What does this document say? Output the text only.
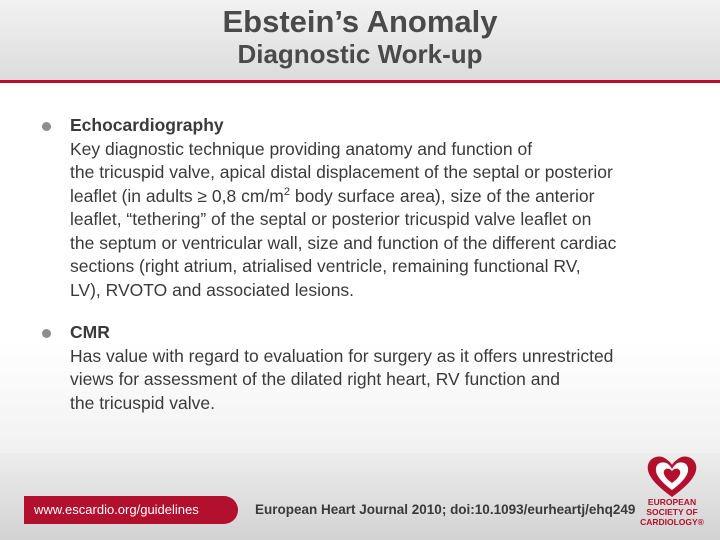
Ebstein’s Anomaly
Diagnostic Work-up
Echocardiography
Key diagnostic technique providing anatomy and function of
the tricuspid valve, apical distal displacement of the septal or posterior
leaflet (in adults ≥ 0,8 $cm/m^2$ body surface area), size of the anterior
leaflet, “tethering” of the septal or posterior tricuspid valve leaflet on
the septum or ventricular wall, size and function of the different cardiac
sections (right atrium, atrialised ventricle, remaining functional RV,
LV), RVOTO and associated lesions.
CMR
Has value with regard to evaluation for surgery as it offers unrestricted
views for assessment of the dilated right heart, RV function and
the tricuspid valve.
www.escardio.org/guidelines	European Heart Journal 2010; doi:10.1093/eurheartj/ehq249	EUROPEAN
SOCIETY OF
CARDIOLOGY®
